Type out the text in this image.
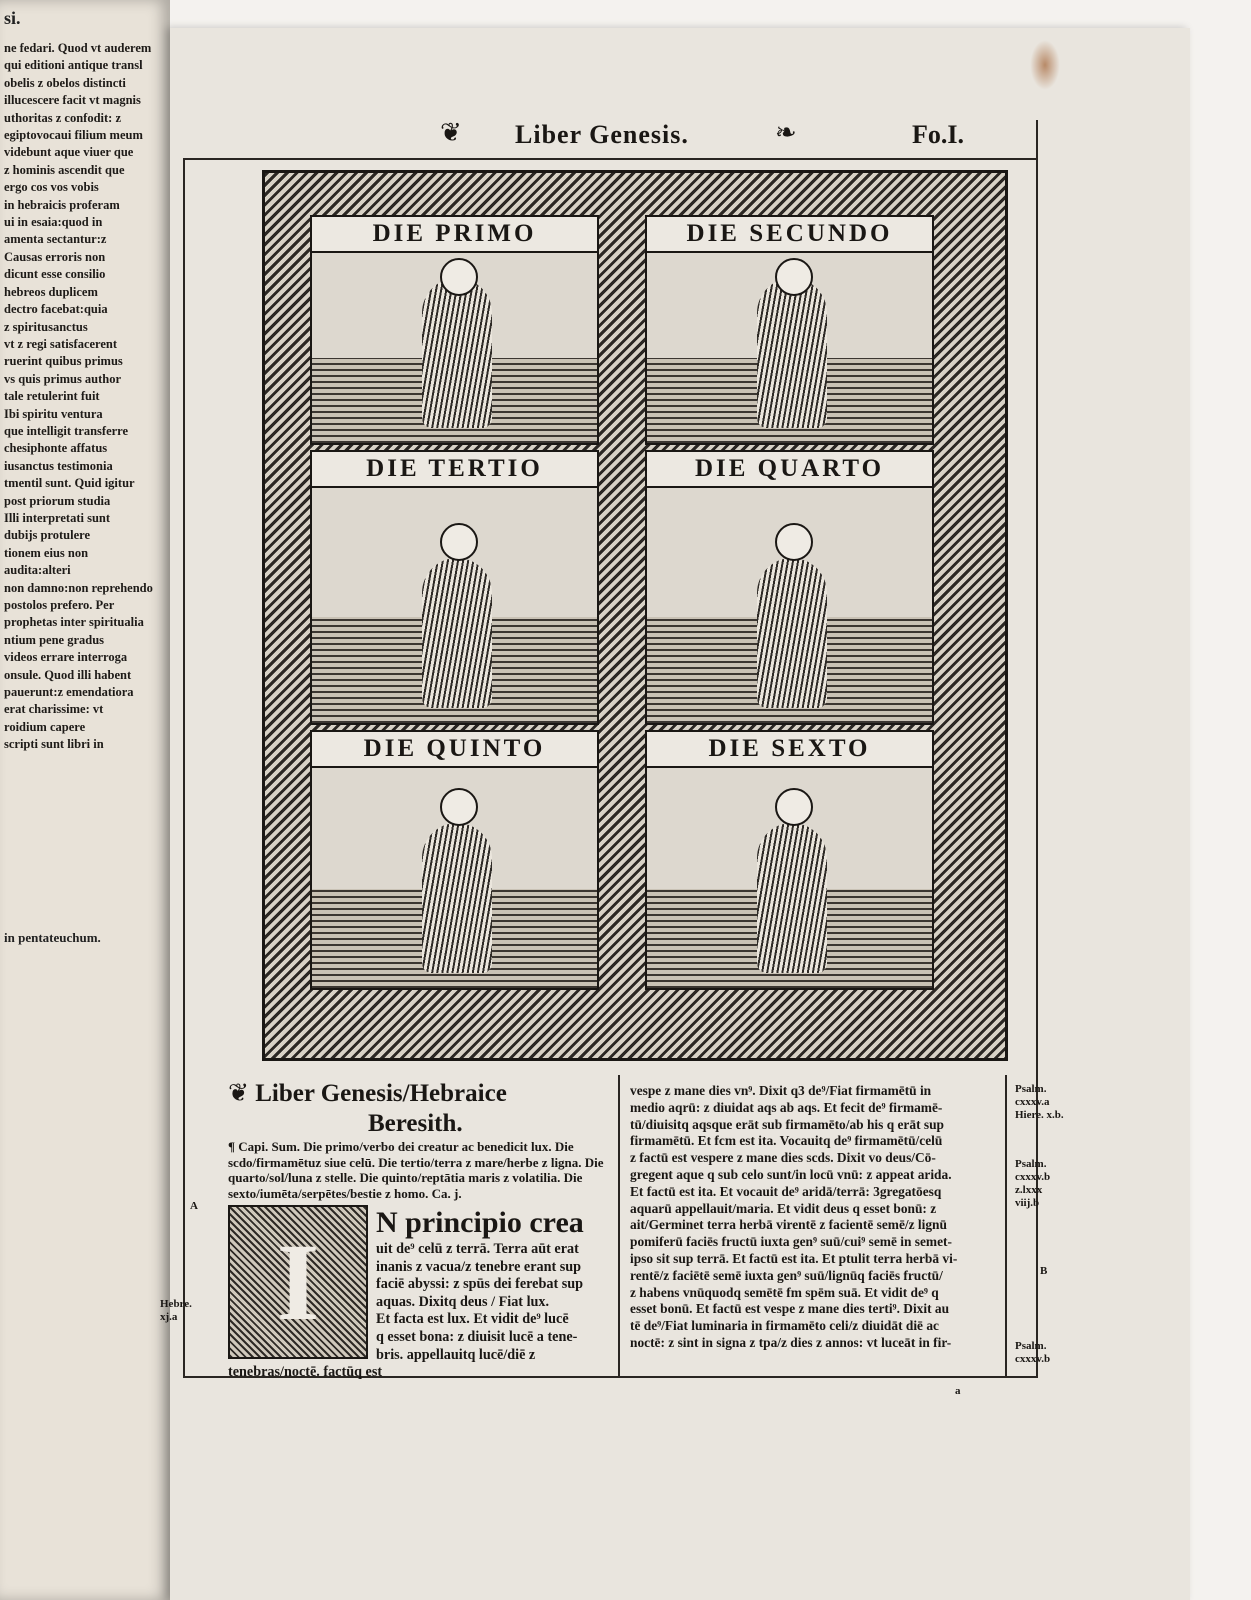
si.
ne fedari. Quod vt auderem
qui editioni antique transl
obelis z obelos distincti
illucescere facit vt magnis
uthoritas z confodit: z
egiptovocaui filium meum
videbunt aque viuer que
z hominis ascendit que
ergo cos vos vobis
in hebraicis proferam
ui in esaia:quod in
amenta sectantur:z
Causas erroris non
dicunt esse consilio
hebreos duplicem
dectro facebat:quia
z spiritusanctus
vt z regi satisfacerent
ruerint quibus primus
vs quis primus author
tale retulerint fuit
Ibi spiritu ventura
que intelligit transferre
chesiphonte affatus
iusanctus testimonia
tmentil sunt. Quid igitur
post priorum studia
Illi interpretati sunt
dubijs protulere
tionem eius non
audita:alteri
non damno:non reprehendo
postolos prefero. Per
prophetas inter spiritualia
ntium pene gradus
videos errare interroga
onsule. Quod illi habent
pauerunt:z emendatiora
erat charissime: vt
roidium capere
scripti sunt libri in
in pentateuchum.
❦	❧
Liber Genesis.	Fo.I.
DIE PRIMO	DIE SECUNDO
DIE TERTIO	DIE QUARTO
DIE QUINTO	DIE SEXTO
❦ Liber Genesis/Hebraice
Beresith.
¶ Capi. Sum. Die primo/verbo dei creatur ac benedicit lux. Die scdo/firmamētuz siue celū. Die tertio/terra z mare/herbe z ligna. Die quarto/sol/luna z stelle. Die quinto/reptātia maris z volatilia. Die sexto/iumēta/serpētes/bestie z homo. Ca. j.
I	N principio crea
uit de⁹ celū z terrā. Terra aūt erat
inanis z vacua/z tenebre erant sup
faciē abyssi: z spūs dei ferebat sup
aquas. Dixitq deus / Fiat lux.
Et facta est lux. Et vidit de⁹ lucē
q esset bona: z diuisit lucē a tene-
bris. appellauitq lucē/diē z tenebras/noctē. factūq est
vespe z mane dies vn⁹. Dixit q3 de⁹/Fiat firmamētū in
medio aqrū: z diuidat aqs ab aqs. Et fecit de⁹ firmamē-
tū/diuisitq aqsque erāt sub firmamēto/ab his q erāt sup
firmamētū. Et fcm est ita. Vocauitq de⁹ firmamētū/celū
z factū est vespere z mane dies scds. Dixit vo deus/Cō-
gregent aque q sub celo sunt/in locū vnū: z appeat arida.
Et factū est ita. Et vocauit de⁹ aridā/terrā: 3gregatōesq
aquarū appellauit/maria. Et vidit deus q esset bonū: z
ait/Germinet terra herbā virentē z facientē semē/z lignū
pomiferū faciēs fructū iuxta gen⁹ suū/cui⁹ semē in semet-
ipso sit sup terrā. Et factū est ita. Et ptulit terra herbā vi-
rentē/z faciētē semē iuxta gen⁹ suū/lignūq faciēs fructū/
z habens vnūquodq semētē fm spēm suā. Et vidit de⁹ q
esset bonū. Et factū est vespe z mane dies terti⁹. Dixit au
tē de⁹/Fiat luminaria in firmamēto celi/z diuidāt diē ac
noctē: z sint in signa z tpa/z dies z annos: vt luceāt in fir-
A
Hebre. xj.a
Psalm. cxxxv.a Hiere. x.b.
Psalm. cxxxv.b z.lxxx viij.b
B
Psalm. cxxxv.b
a
